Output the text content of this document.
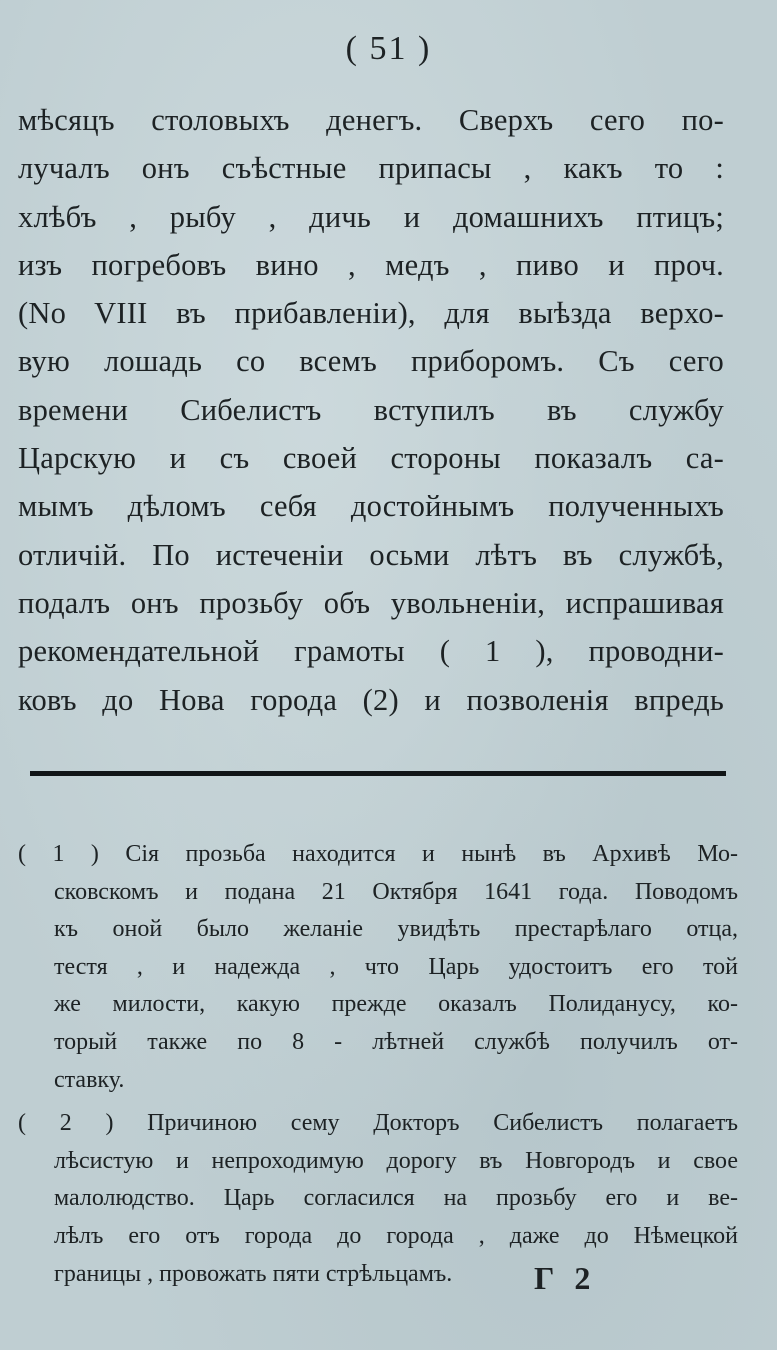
( 51 )
мѣсяцъ столовыхъ денегъ. Сверхъ сего по-
лучалъ онъ съѣстные припасы , какъ то :
хлѣбъ , рыбу , дичь и домашнихъ птицъ;
изъ погребовъ вино , медъ , пиво и проч.
(No VIII въ прибавленіи), для выѣзда верхо-
вую лошадь со всемъ приборомъ. Съ сего
времени Сибелистъ вступилъ въ службу
Царскую и съ своей стороны показалъ са-
мымъ дѣломъ себя достойнымъ полученныхъ
отличій. По истеченіи осьми лѣтъ въ службѣ,
подалъ онъ прозьбу объ увольненіи, испрашивая
рекомендательной грамоты ( 1 ), проводни-
ковъ до Нова города (2) и позволенія впредь
( 1 ) Сія прозьба находится и нынѣ въ Архивѣ Мо-
сковскомъ и подана 21 Октября 1641 года. Поводомъ
къ оной было желаніе увидѣть престарѣлаго отца,
тестя , и надежда , что Царь удостоитъ его той
же милости, какую прежде оказалъ Полиданусу, ко-
торый также по 8 - лѣтней службѣ получилъ от-
ставку.
( 2 ) Причиною сему Докторъ Сибелистъ полагаетъ
лѣсистую и непроходимую дорогу въ Новгородъ и свое
малолюдство. Царь согласился на прозьбу его и ве-
лѣлъ его отъ города до города , даже до Нѣмецкой
границы , провожать пяти стрѣльцамъ.	Г 2
